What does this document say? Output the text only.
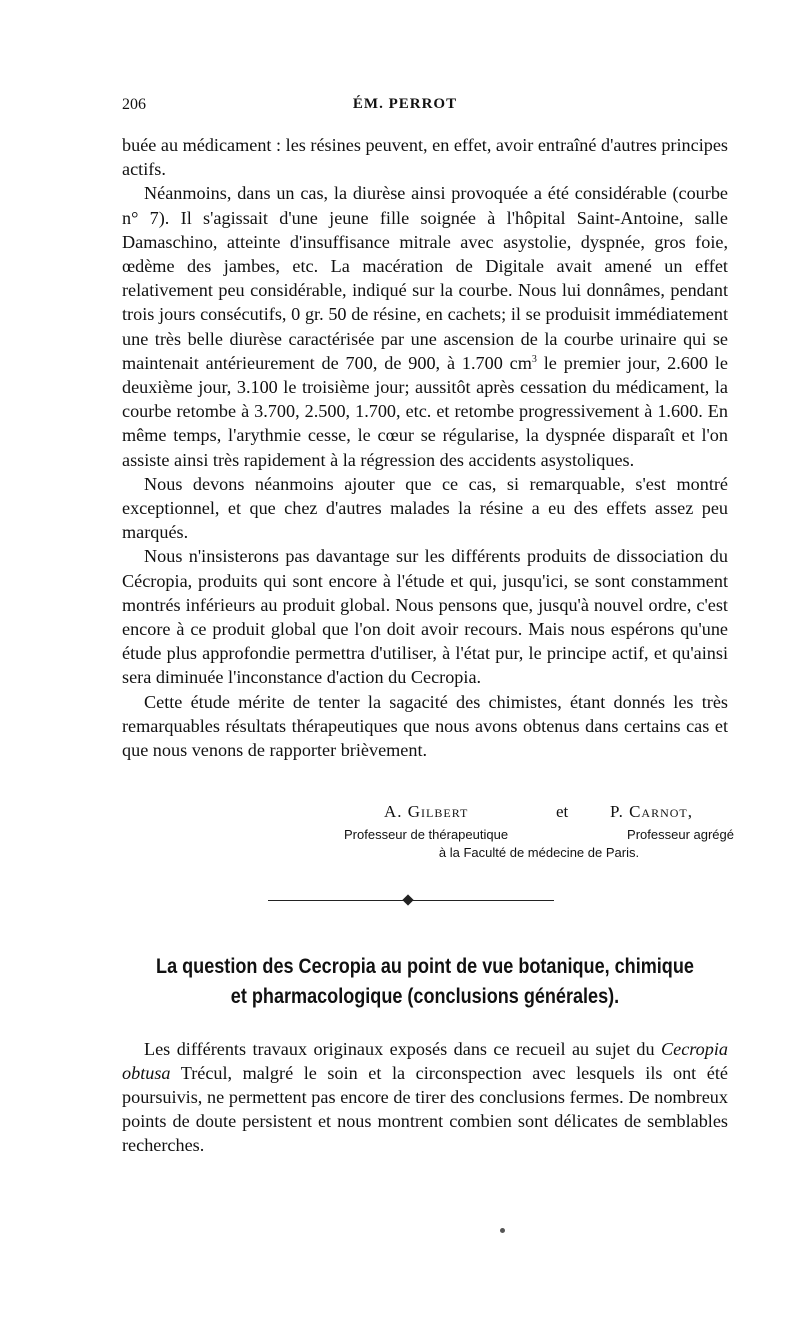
206	ÉM. PERROT

buée au médicament : les résines peuvent, en effet, avoir entraîné d'autres principes actifs.

Néanmoins, dans un cas, la diurèse ainsi provoquée a été considérable (courbe n° 7). Il s'agissait d'une jeune fille soignée à l'hôpital Saint-Antoine, salle Damaschino, atteinte d'insuffisance mitrale avec asystolie, dyspnée, gros foie, œdème des jambes, etc. La macération de Digitale avait amené un effet relativement peu considérable, indiqué sur la courbe. Nous lui donnâmes, pendant trois jours consécutifs, 0 gr. 50 de résine, en cachets; il se produisit immédiatement une très belle diurèse caractérisée par une ascension de la courbe urinaire qui se maintenait antérieurement de 700, de 900, à 1.700 $cm^3$ le premier jour, 2.600 le deuxième jour, 3.100 le troisième jour; aussitôt après cessation du médicament, la courbe retombe à 3.700, 2.500, 1.700, etc. et retombe progressivement à 1.600. En même temps, l'arythmie cesse, le cœur se régularise, la dyspnée disparaît et l'on assiste ainsi très rapidement à la régression des accidents asystoliques.

Nous devons néanmoins ajouter que ce cas, si remarquable, s'est montré exceptionnel, et que chez d'autres malades la résine a eu des effets assez peu marqués.

Nous n'insisterons pas davantage sur les différents produits de dissociation du Cécropia, produits qui sont encore à l'étude et qui, jusqu'ici, se sont constamment montrés inférieurs au produit global. Nous pensons que, jusqu'à nouvel ordre, c'est encore à ce produit global que l'on doit avoir recours. Mais nous espérons qu'une étude plus approfondie permettra d'utiliser, à l'état pur, le principe actif, et qu'ainsi sera diminuée l'inconstance d'action du Cecropia.

Cette étude mérite de tenter la sagacité des chimistes, étant donnés les très remarquables résultats thérapeutiques que nous avons obtenus dans certains cas et que nous venons de rapporter brièvement.

A. Gilbert	et P. Carnot,
Professeur de thérapeutique	Professeur agrégé
à la Faculté de médecine de Paris.
La question des Cecropia au point de vue botanique, chimique
et pharmacologique (conclusions générales).

Les différents travaux originaux exposés dans ce recueil au sujet du Cecropia obtusa Trécul, malgré le soin et la circonspection avec lesquels ils ont été poursuivis, ne permettent pas encore de tirer des conclusions fermes. De nombreux points de doute persistent et nous montrent combien sont délicates de semblables recherches.
